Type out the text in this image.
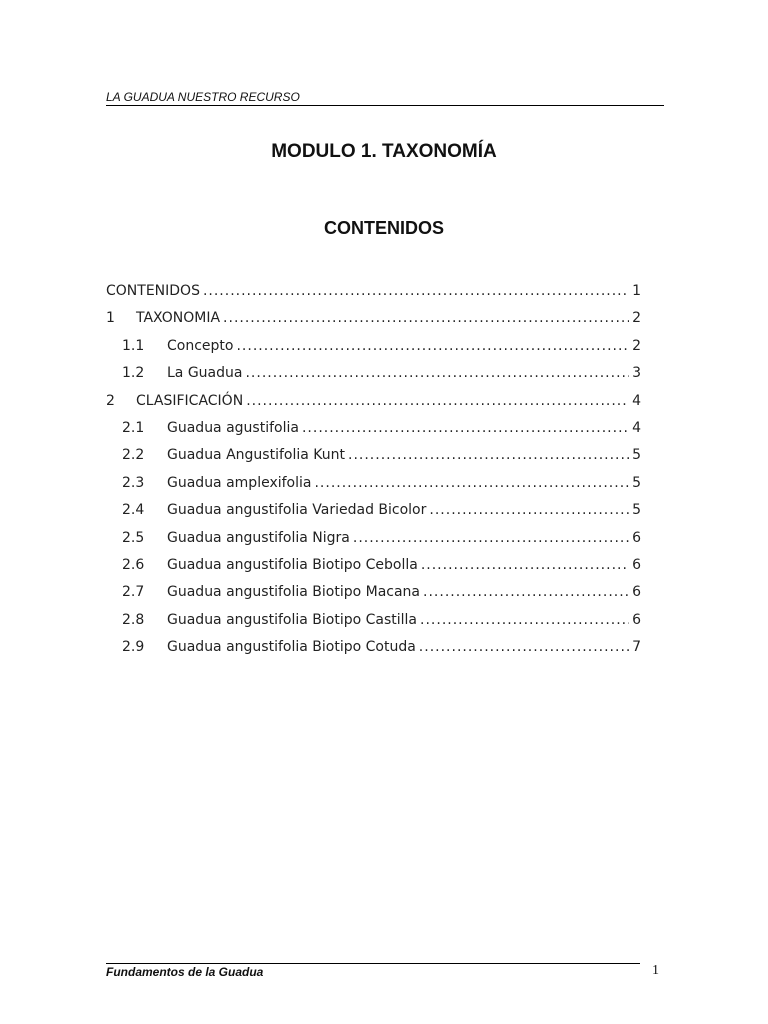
LA GUADUA NUESTRO RECURSO
MODULO 1. TAXONOMÍA
CONTENIDOS
CONTENIDOS .....	1
1	TAXONOMIA .....	2
1.1	Concepto .....	2
1.2	La Guadua .....	3
2	CLASIFICACIÓN .....	4
2.1	Guadua agustifolia .....	4
2.2	Guadua Angustifolia Kunt .....	5
2.3	Guadua amplexifolia .....	5
2.4	Guadua angustifolia Variedad Bicolor .....	5
2.5	Guadua angustifolia Nigra .....	6
2.6	Guadua angustifolia Biotipo Cebolla .....	6
2.7	Guadua angustifolia Biotipo Macana .....	6
2.8	Guadua angustifolia Biotipo Castilla .....	6
2.9	Guadua angustifolia Biotipo Cotuda .....	7
Fundamentos de la Guadua	1
